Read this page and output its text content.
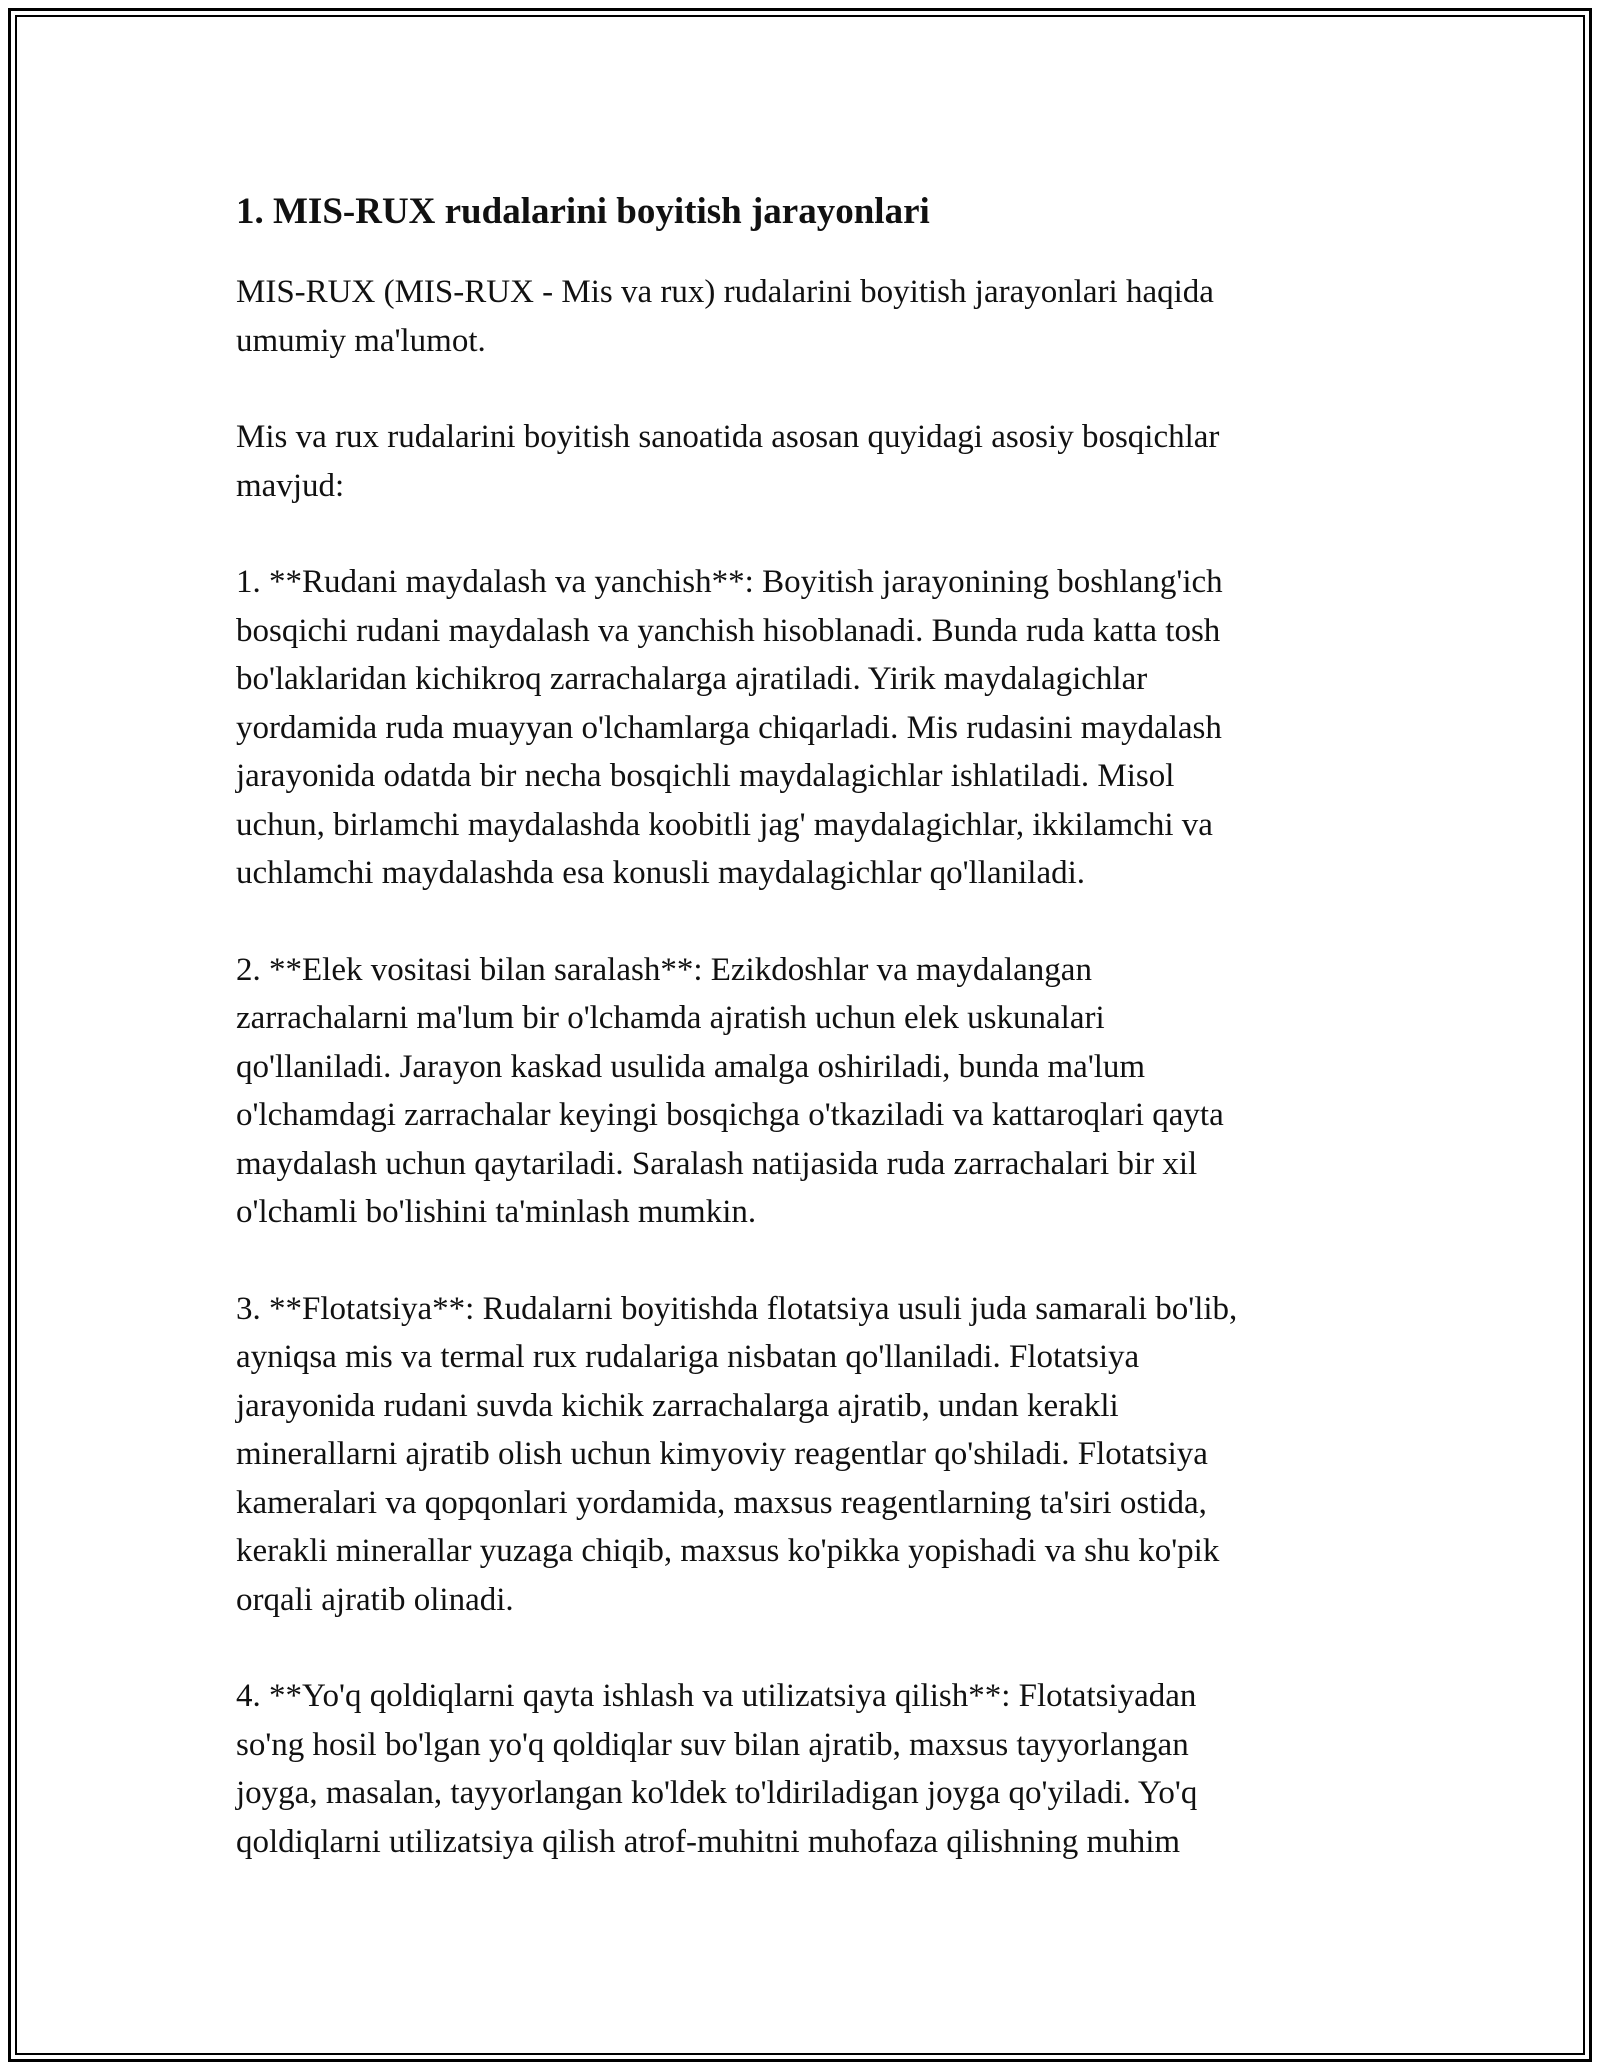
1. MIS-RUX rudalarini boyitish jarayonlari

MIS-RUX (MIS-RUX - Mis va rux) rudalarini boyitish jarayonlari haqida
umumiy ma'lumot.

Mis va rux rudalarini boyitish sanoatida asosan quyidagi asosiy bosqichlar
mavjud:

1. **Rudani maydalash va yanchish**: Boyitish jarayonining boshlang'ich
bosqichi rudani maydalash va yanchish hisoblanadi. Bunda ruda katta tosh
bo'laklaridan kichikroq zarrachalarga ajratiladi. Yirik maydalagichlar
yordamida ruda muayyan o'lchamlarga chiqarladi. Mis rudasini maydalash
jarayonida odatda bir necha bosqichli maydalagichlar ishlatiladi. Misol
uchun, birlamchi maydalashda koobitli jag' maydalagichlar, ikkilamchi va
uchlamchi maydalashda esa konusli maydalagichlar qo'llaniladi.

2. **Elek vositasi bilan saralash**: Ezikdoshlar va maydalangan
zarrachalarni ma'lum bir o'lchamda ajratish uchun elek uskunalari
qo'llaniladi. Jarayon kaskad usulida amalga oshiriladi, bunda ma'lum
o'lchamdagi zarrachalar keyingi bosqichga o'tkaziladi va kattaroqlari qayta
maydalash uchun qaytariladi. Saralash natijasida ruda zarrachalari bir xil
o'lchamli bo'lishini ta'minlash mumkin.

3. **Flotatsiya**: Rudalarni boyitishda flotatsiya usuli juda samarali bo'lib,
ayniqsa mis va termal rux rudalariga nisbatan qo'llaniladi. Flotatsiya
jarayonida rudani suvda kichik zarrachalarga ajratib, undan kerakli
minerallarni ajratib olish uchun kimyoviy reagentlar qo'shiladi. Flotatsiya
kameralari va qopqonlari yordamida, maxsus reagentlarning ta'siri ostida,
kerakli minerallar yuzaga chiqib, maxsus ko'pikka yopishadi va shu ko'pik
orqali ajratib olinadi.

4. **Yo'q qoldiqlarni qayta ishlash va utilizatsiya qilish**: Flotatsiyadan
so'ng hosil bo'lgan yo'q qoldiqlar suv bilan ajratib, maxsus tayyorlangan
joyga, masalan, tayyorlangan ko'ldek to'ldiriladigan joyga qo'yiladi. Yo'q
qoldiqlarni utilizatsiya qilish atrof-muhitni muhofaza qilishning muhim
